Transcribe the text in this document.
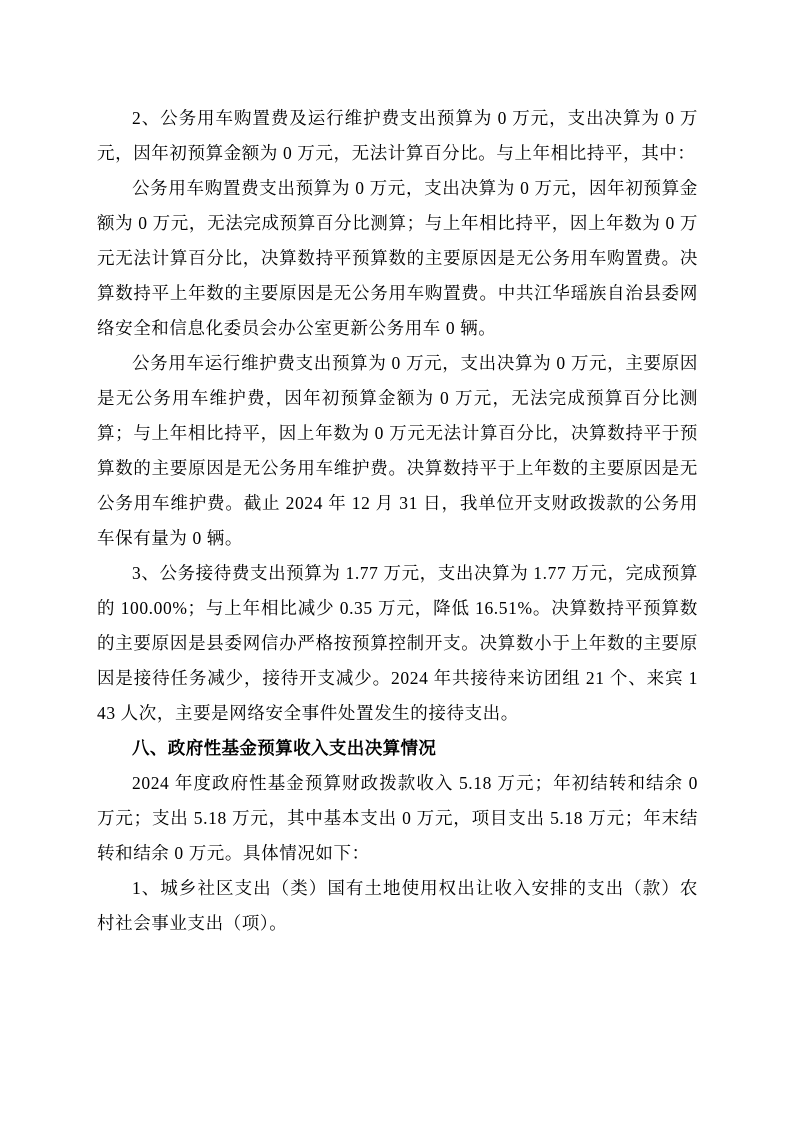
2、公务用车购置费及运行维护费支出预算为 0 万元，支出决算为 0 万元，因年初预算金额为 0 万元，无法计算百分比。与上年相比持平，其中：

公务用车购置费支出预算为 0 万元，支出决算为 0 万元，因年初预算金额为 0 万元，无法完成预算百分比测算；与上年相比持平，因上年数为 0 万元无法计算百分比，决算数持平预算数的主要原因是无公务用车购置费。决算数持平上年数的主要原因是无公务用车购置费。中共江华瑶族自治县委网络安全和信息化委员会办公室更新公务用车 0 辆。

公务用车运行维护费支出预算为 0 万元，支出决算为 0 万元，主要原因是无公务用车维护费，因年初预算金额为 0 万元，无法完成预算百分比测算；与上年相比持平，因上年数为 0 万元无法计算百分比，决算数持平于预算数的主要原因是无公务用车维护费。决算数持平于上年数的主要原因是无公务用车维护费。截止 2024 年 12 月 31 日，我单位开支财政拨款的公务用车保有量为 0 辆。

3、公务接待费支出预算为 1.77 万元，支出决算为 1.77 万元，完成预算的 100.00%；与上年相比减少 0.35 万元，降低 16.51%。决算数持平预算数的主要原因是县委网信办严格按预算控制开支。决算数小于上年数的主要原因是接待任务减少，接待开支减少。2024 年共接待来访团组 21 个、来宾 143 人次，主要是网络安全事件处置发生的接待支出。

八、政府性基金预算收入支出决算情况

2024 年度政府性基金预算财政拨款收入 5.18 万元；年初结转和结余 0 万元；支出 5.18 万元，其中基本支出 0 万元，项目支出 5.18 万元；年末结转和结余 0 万元。具体情况如下：

1、城乡社区支出（类）国有土地使用权出让收入安排的支出（款）农村社会事业支出（项）。
